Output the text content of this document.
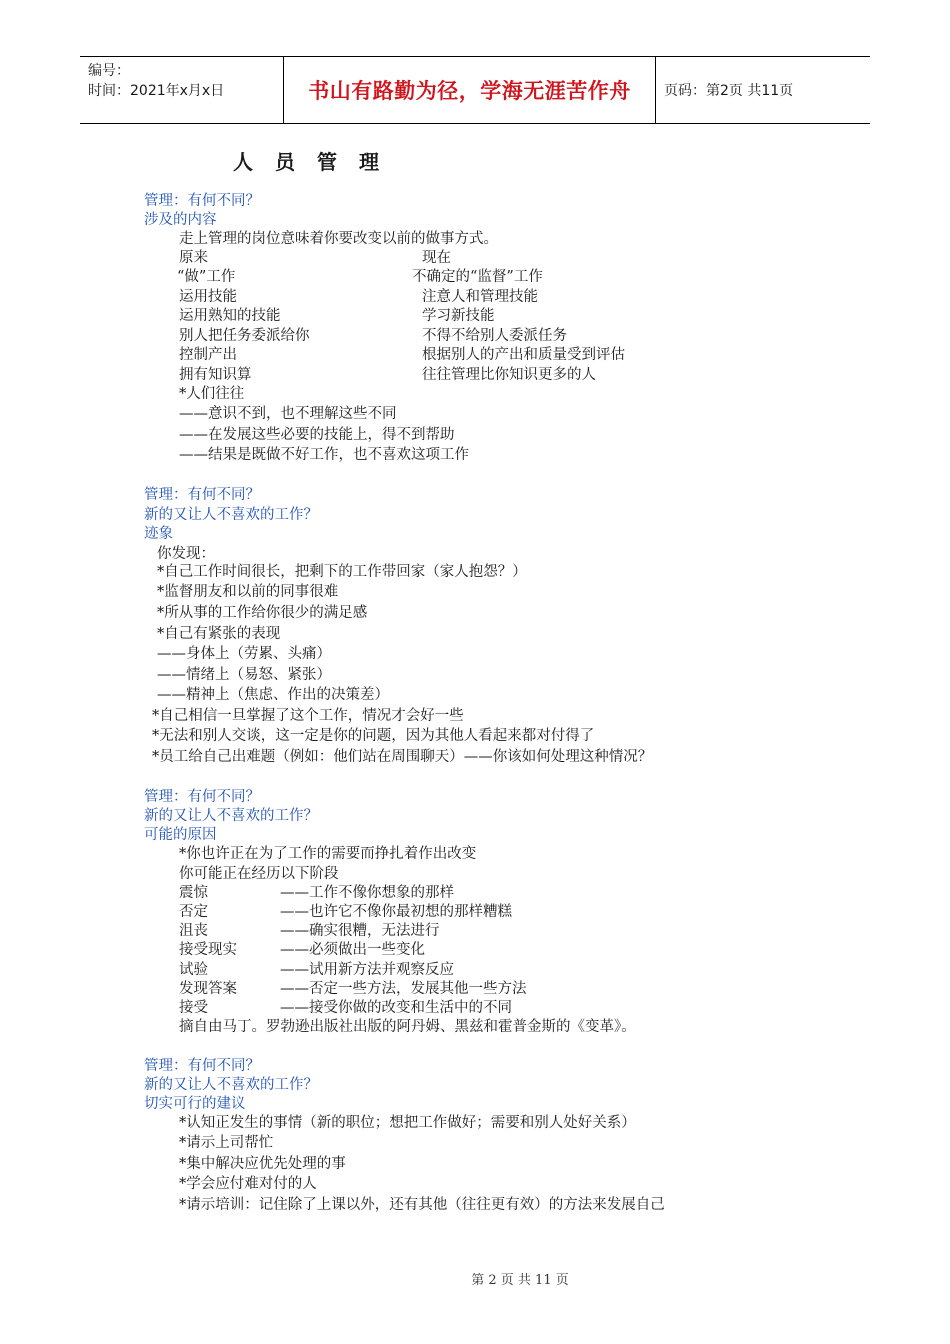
编号：
时间：2021年x月x日	书山有路勤为径，学海无涯苦作舟 页码：第2页 共11页
人员管理
管理：有何不同？
涉及的内容
走上管理的岗位意味着你要改变以前的做事方式。
原来	现在
“做”工作	不确定的“监督”工作
运用技能	注意人和管理技能
运用熟知的技能	学习新技能
别人把任务委派给你	不得不给别人委派任务
控制产出	根据别人的产出和质量受到评估
拥有知识算	往往管理比你知识更多的人
*人们往往
——意识不到，也不理解这些不同
——在发展这些必要的技能上，得不到帮助
——结果是既做不好工作，也不喜欢这项工作
管理：有何不同？
新的又让人不喜欢的工作？
迹象
你发现：
*自己工作时间很长，把剩下的工作带回家（家人抱怨？）
*监督朋友和以前的同事很难
*所从事的工作给你很少的满足感
*自己有紧张的表现
——身体上（劳累、头痛）
——情绪上（易怒、紧张）
——精神上（焦虑、作出的决策差）
*自己相信一旦掌握了这个工作，情况才会好一些
*无法和别人交谈，这一定是你的问题，因为其他人看起来都对付得了
*员工给自己出难题（例如：他们站在周围聊天）——你该如何处理这种情况？
管理：有何不同？
新的又让人不喜欢的工作？
可能的原因
*你也许正在为了工作的需要而挣扎着作出改变
你可能正在经历以下阶段
震惊	——工作不像你想象的那样
否定	——也许它不像你最初想的那样糟糕
沮丧	——确实很糟，无法进行
接受现实	——必须做出一些变化
试验	——试用新方法并观察反应
发现答案	——否定一些方法，发展其他一些方法
接受	——接受你做的改变和生活中的不同
摘自由马丁。罗勃逊出版社出版的阿丹姆、黑兹和霍普金斯的《变革》。
管理：有何不同？
新的又让人不喜欢的工作？
切实可行的建议
*认知正发生的事情（新的职位；想把工作做好；需要和别人处好关系）
*请示上司帮忙
*集中解决应优先处理的事
*学会应付难对付的人
*请示培训：记住除了上课以外，还有其他（往往更有效）的方法来发展自己
第 2 页 共 11 页
